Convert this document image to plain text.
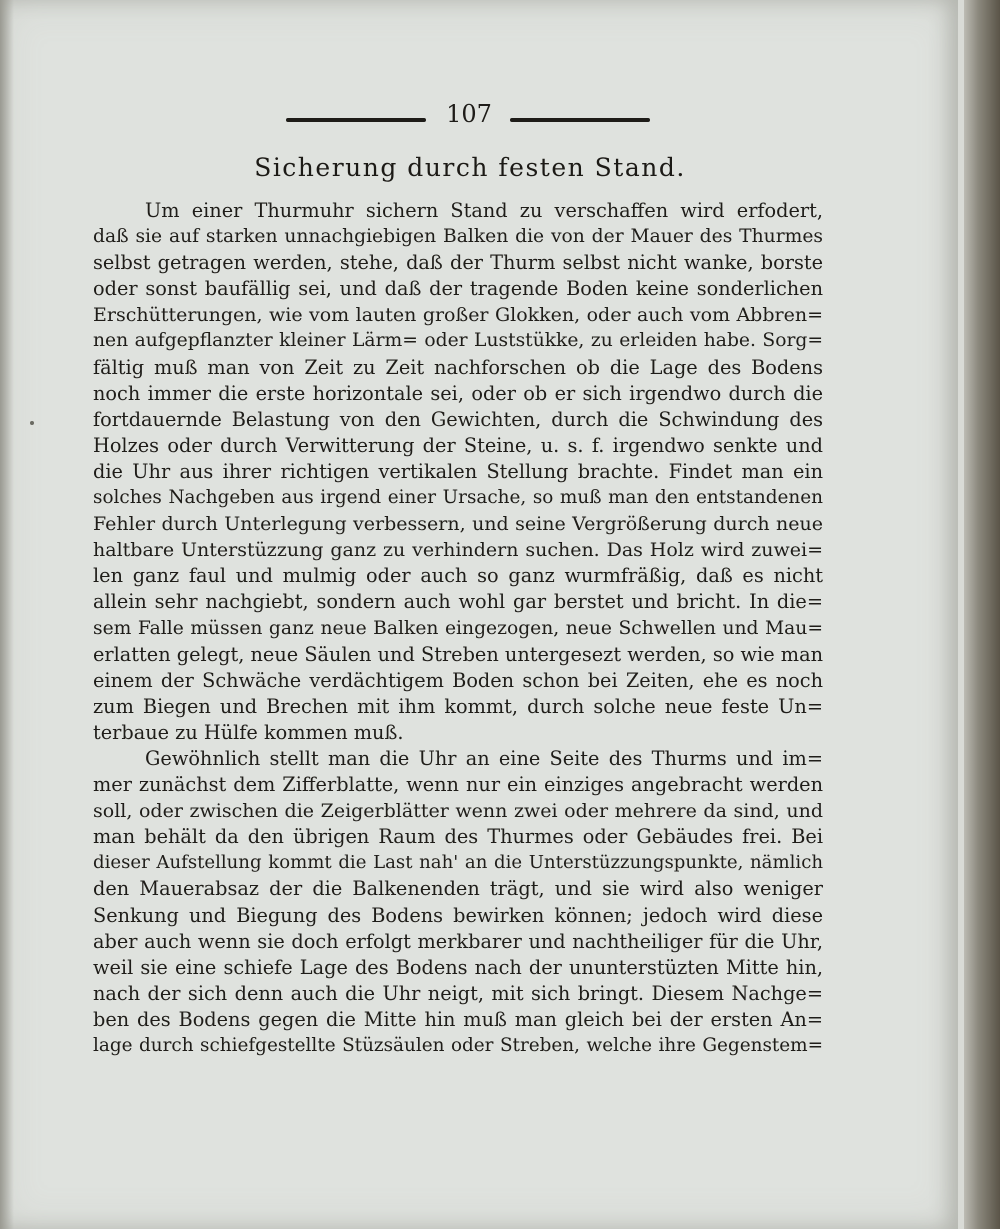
107
Sicherung durch festen Stand.
Um einer Thurmuhr sichern Stand zu verschaffen wird erfodert,
daß sie auf starken unnachgiebigen Balken die von der Mauer des Thurmes
selbst getragen werden, stehe, daß der Thurm selbst nicht wanke, borste
oder sonst baufällig sei, und daß der tragende Boden keine sonderlichen
Erschütterungen, wie vom lauten großer Glokken, oder auch vom Abbren=
nen aufgepflanzter kleiner Lärm= oder Luststükke, zu erleiden habe. Sorg=
fältig muß man von Zeit zu Zeit nachforschen ob die Lage des Bodens
noch immer die erste horizontale sei, oder ob er sich irgendwo durch die
fortdauernde Belastung von den Gewichten, durch die Schwindung des
Holzes oder durch Verwitterung der Steine, u. s. f. irgendwo senkte und
die Uhr aus ihrer richtigen vertikalen Stellung brachte. Findet man ein
solches Nachgeben aus irgend einer Ursache, so muß man den entstandenen
Fehler durch Unterlegung verbessern, und seine Vergrößerung durch neue
haltbare Unterstüzzung ganz zu verhindern suchen. Das Holz wird zuwei=
len ganz faul und mulmig oder auch so ganz wurmfräßig, daß es nicht
allein sehr nachgiebt, sondern auch wohl gar berstet und bricht. In die=
sem Falle müssen ganz neue Balken eingezogen, neue Schwellen und Mau=
erlatten gelegt, neue Säulen und Streben untergesezt werden, so wie man
einem der Schwäche verdächtigem Boden schon bei Zeiten, ehe es noch
zum Biegen und Brechen mit ihm kommt, durch solche neue feste Un=
terbaue zu Hülfe kommen muß.
Gewöhnlich stellt man die Uhr an eine Seite des Thurms und im=
mer zunächst dem Zifferblatte, wenn nur ein einziges angebracht werden
soll, oder zwischen die Zeigerblätter wenn zwei oder mehrere da sind, und
man behält da den übrigen Raum des Thurmes oder Gebäudes frei. Bei
dieser Aufstellung kommt die Last nah' an die Unterstüzzungspunkte, nämlich
den Mauerabsaz der die Balkenenden trägt, und sie wird also weniger
Senkung und Biegung des Bodens bewirken können; jedoch wird diese
aber auch wenn sie doch erfolgt merkbarer und nachtheiliger für die Uhr,
weil sie eine schiefe Lage des Bodens nach der ununterstüzten Mitte hin,
nach der sich denn auch die Uhr neigt, mit sich bringt. Diesem Nachge=
ben des Bodens gegen die Mitte hin muß man gleich bei der ersten An=
lage durch schiefgestellte Stüzsäulen oder Streben, welche ihre Gegenstem=
